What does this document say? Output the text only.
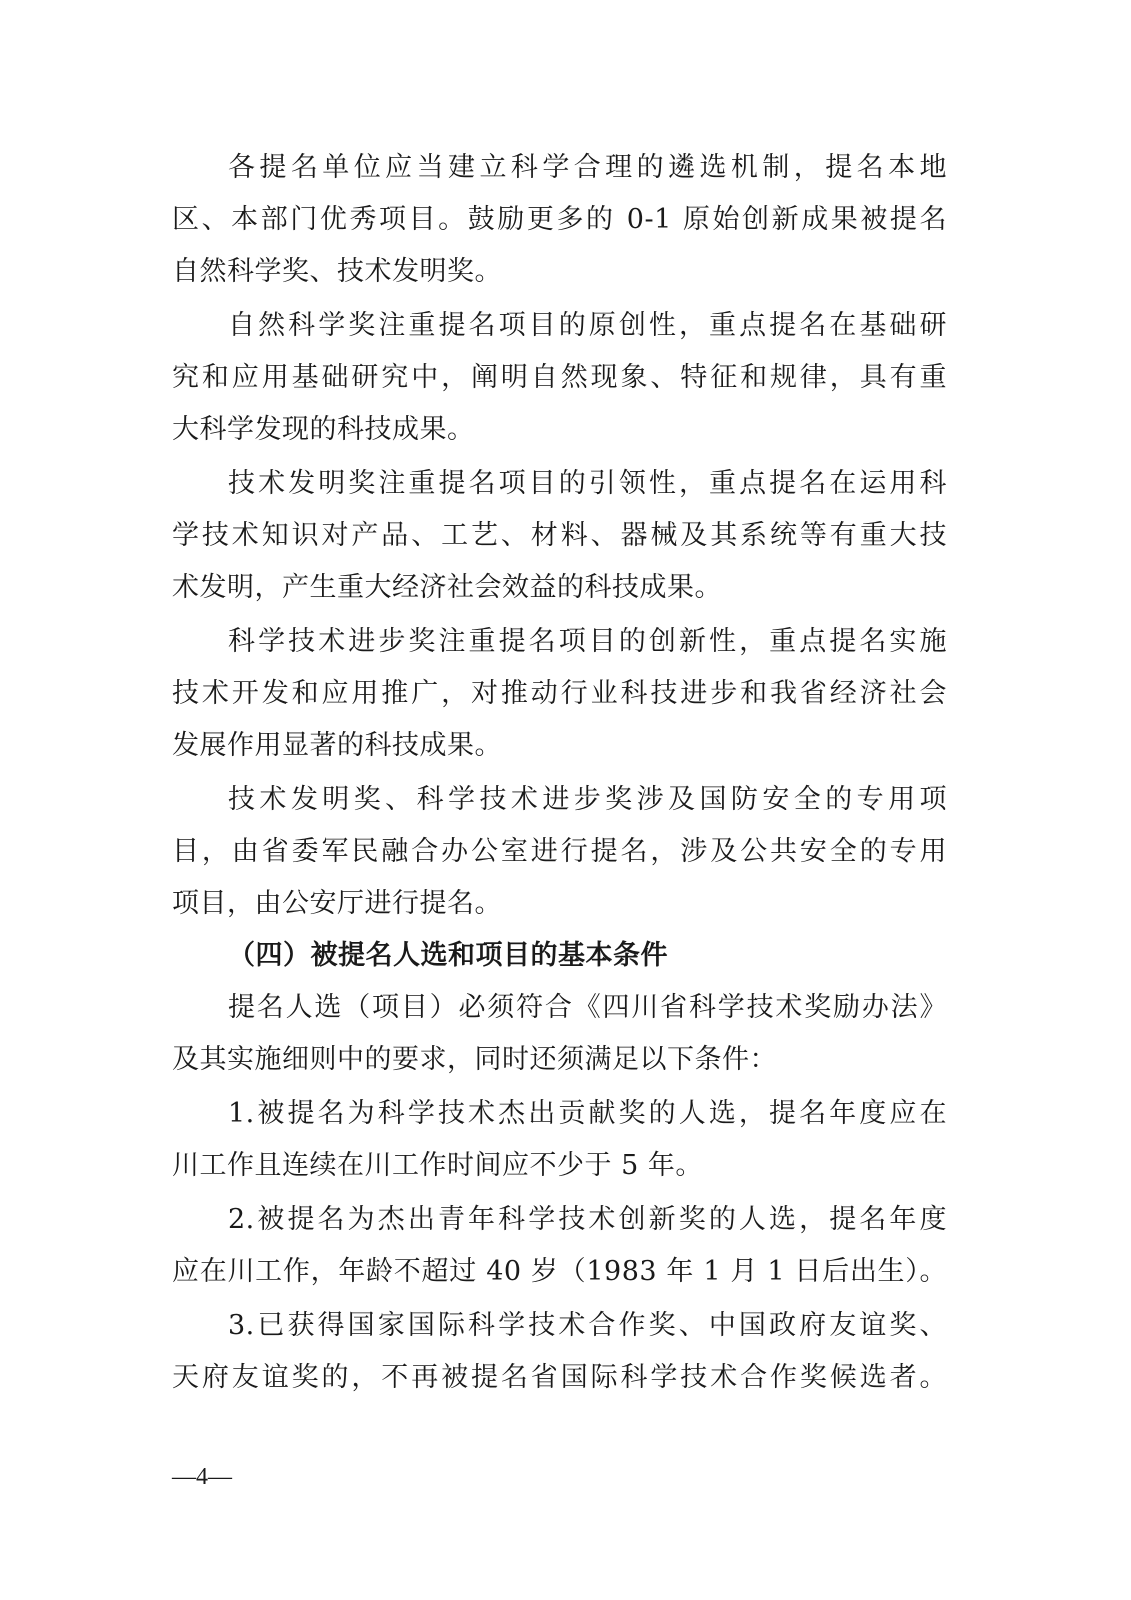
各提名单位应当建立科学合理的遴选机制，提名本地
区、本部门优秀项目。鼓励更多的 0-1 原始创新成果被提名
自然科学奖、技术发明奖。
自然科学奖注重提名项目的原创性，重点提名在基础研
究和应用基础研究中，阐明自然现象、特征和规律，具有重
大科学发现的科技成果。
技术发明奖注重提名项目的引领性，重点提名在运用科
学技术知识对产品、工艺、材料、器械及其系统等有重大技
术发明，产生重大经济社会效益的科技成果。
科学技术进步奖注重提名项目的创新性，重点提名实施
技术开发和应用推广，对推动行业科技进步和我省经济社会
发展作用显著的科技成果。
技术发明奖、科学技术进步奖涉及国防安全的专用项
目，由省委军民融合办公室进行提名，涉及公共安全的专用
项目，由公安厅进行提名。
（四）被提名人选和项目的基本条件
提名人选（项目）必须符合《四川省科学技术奖励办法》
及其实施细则中的要求，同时还须满足以下条件：
1.被提名为科学技术杰出贡献奖的人选，提名年度应在
川工作且连续在川工作时间应不少于 5 年。
2.被提名为杰出青年科学技术创新奖的人选，提名年度
应在川工作，年龄不超过 40 岁（1983 年 1 月 1 日后出生）。
3.已获得国家国际科学技术合作奖、中国政府友谊奖、
天府友谊奖的，不再被提名省国际科学技术合作奖候选者。
—4—
